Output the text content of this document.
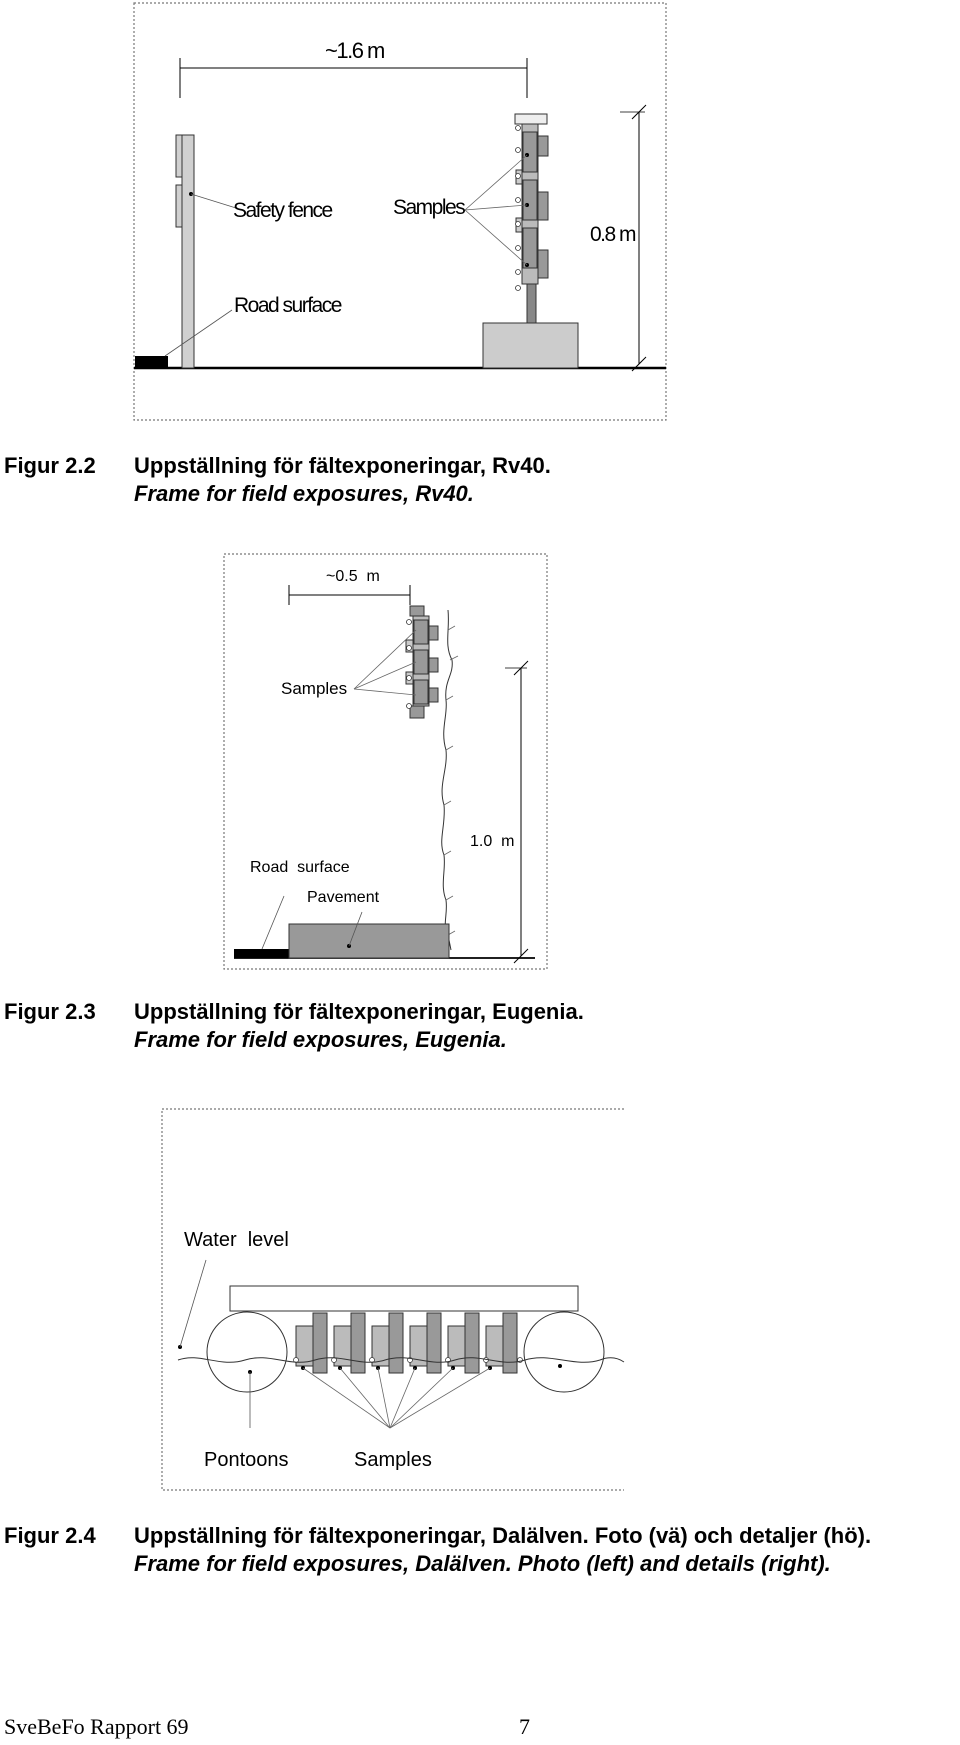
~1.6 m
Safety fence
Road surface
Samples
0.8 m
Figur 2.2 Uppställning för fältexponeringar, Rv40.
Frame for field exposures, Rv40.
~0.5  m
Samples
1.0  m
Road  surface
Pavement
Figur 2.3 Uppställning för fältexponeringar, Eugenia.
Frame for field exposures, Eugenia.
Water  level
Pontoons	Samples
Figur 2.4 Uppställning för fältexponeringar, Dalälven. Foto (vä) och detaljer (hö).
Frame for field exposures, Dalälven. Photo (left) and details (right).
SveBeFo Rapport 69	7
